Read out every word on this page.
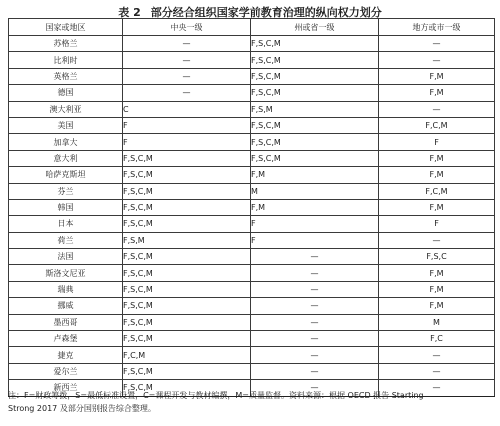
表 2 部分经合组织国家学前教育治理的纵向权力划分
国家或地区	中央一级	州或省一级	地方或市一级
苏格兰	—	F,S,C,M	—
比利时	—	F,S,C,M	—
英格兰	—	F,S,C,M	F,M
德国	—	F,S,C,M	F,M
澳大利亚	C	F,S,M	—
美国	F	F,S,C,M	F,C,M
加拿大	F	F,S,C,M	F
意大利	F,S,C,M	F,S,C,M	F,M
哈萨克斯坦	F,S,C,M	F,M	F,M
芬兰	F,S,C,M	M	F,C,M
韩国	F,S,C,M	F,M	F,M
日本	F,S,C,M	F	F
荷兰	F,S,M	F	—
法国	F,S,C,M	—	F,S,C
斯洛文尼亚	F,S,C,M	—	F,M
瑞典	F,S,C,M	—	F,M
挪威	F,S,C,M	—	F,M
墨西哥	F,S,C,M	—	M
卢森堡	F,S,C,M	—	F,C
捷克	F,C,M	—	—
爱尔兰	F,S,C,M	—	—
新西兰	F,S,C,M	—	—
注：F=财政筹拨，S=最低标准设置，C=课程开发与教材编撰，M=质量监督。资料来源：根据 OECD 报告 Starting
Strong 2017 及部分国别报告综合整理。
